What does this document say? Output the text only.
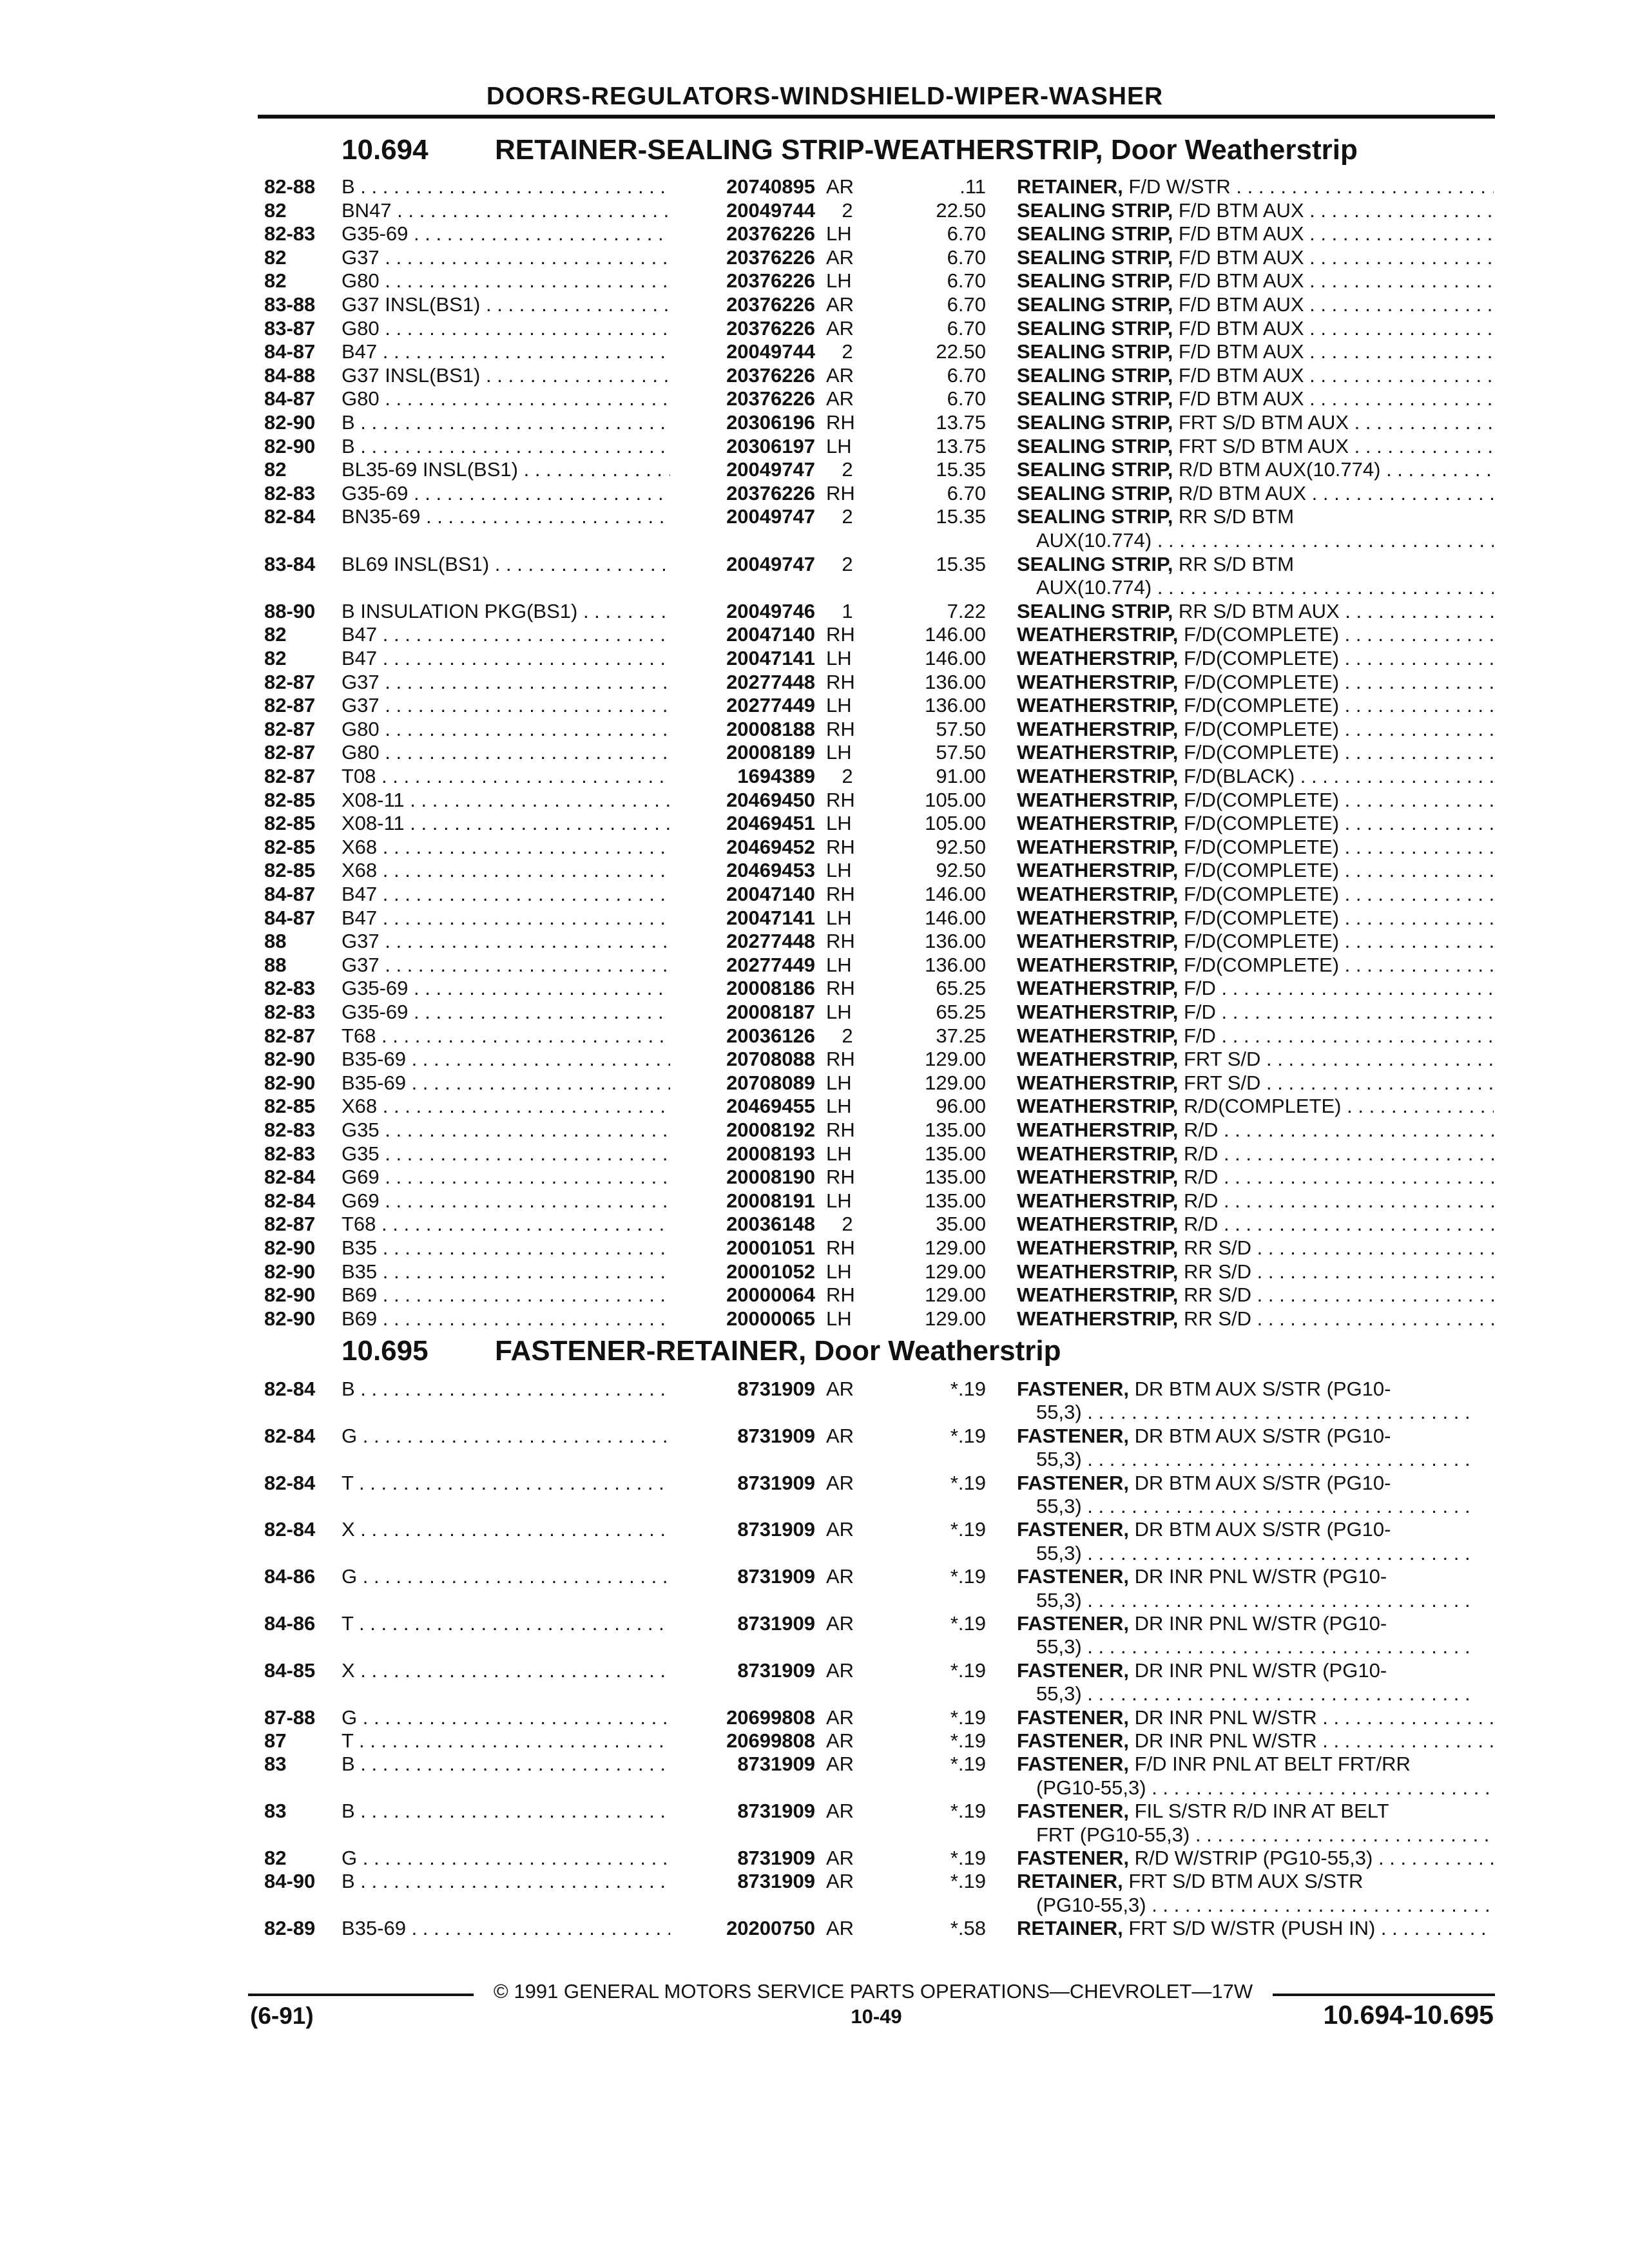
DOORS-REGULATORS-WINDSHIELD-WIPER-WASHER
10.694 RETAINER-SEALING STRIP-WEATHERSTRIP, Door Weatherstrip
82-88	B . . .	20740895 AR	.11 RETAINER, F/D W/STR . . .
82	BN47 . . .	20049744	2	22.50 SEALING STRIP, F/D BTM AUX . . .
82-83	G35-69 . . .	20376226 LH	6.70 SEALING STRIP, F/D BTM AUX . . .
82	G37 . . .	20376226 AR	6.70 SEALING STRIP, F/D BTM AUX . . .
82	G80 . . .	20376226 LH	6.70 SEALING STRIP, F/D BTM AUX . . .
83-88	G37 INSL(BS1) . . .	20376226 AR	6.70 SEALING STRIP, F/D BTM AUX . . .
83-87	G80 . . .	20376226 AR	6.70 SEALING STRIP, F/D BTM AUX . . .
84-87	B47 . . .	20049744	2	22.50 SEALING STRIP, F/D BTM AUX . . .
84-88	G37 INSL(BS1) . . .	20376226 AR	6.70 SEALING STRIP, F/D BTM AUX . . .
84-87	G80 . . .	20376226 AR	6.70 SEALING STRIP, F/D BTM AUX . . .
82-90	B . . .	20306196 RH	13.75 SEALING STRIP, FRT S/D BTM AUX . . .
82-90	B . . .	20306197 LH	13.75 SEALING STRIP, FRT S/D BTM AUX . . .
82	BL35-69 INSL(BS1) . . .	20049747	2	15.35 SEALING STRIP, R/D BTM AUX(10.774) . . .
82-83	G35-69 . . .	20376226 RH	6.70 SEALING STRIP, R/D BTM AUX . . .
82-84	BN35-69 . . .	20049747	2	15.35 SEALING STRIP, RR S/D BTM
AUX(10.774) . . .
83-84	BL69 INSL(BS1) . . .	20049747	2	15.35 SEALING STRIP, RR S/D BTM
AUX(10.774) . . .
88-90	B INSULATION PKG(BS1) . . .	20049746	1	7.22 SEALING STRIP, RR S/D BTM AUX . . .
82	B47 . . .	20047140 RH	146.00 WEATHERSTRIP, F/D(COMPLETE) . . .
82	B47 . . .	20047141 LH	146.00 WEATHERSTRIP, F/D(COMPLETE) . . .
82-87	G37 . . .	20277448 RH	136.00 WEATHERSTRIP, F/D(COMPLETE) . . .
82-87	G37 . . .	20277449 LH	136.00 WEATHERSTRIP, F/D(COMPLETE) . . .
82-87	G80 . . .	20008188 RH	57.50 WEATHERSTRIP, F/D(COMPLETE) . . .
82-87	G80 . . .	20008189 LH	57.50 WEATHERSTRIP, F/D(COMPLETE) . . .
82-87	T08 . . .	1694389	2	91.00 WEATHERSTRIP, F/D(BLACK) . . .
82-85	X08-11 . . .	20469450 RH	105.00 WEATHERSTRIP, F/D(COMPLETE) . . .
82-85	X08-11 . . .	20469451 LH	105.00 WEATHERSTRIP, F/D(COMPLETE) . . .
82-85	X68 . . .	20469452 RH	92.50 WEATHERSTRIP, F/D(COMPLETE) . . .
82-85	X68 . . .	20469453 LH	92.50 WEATHERSTRIP, F/D(COMPLETE) . . .
84-87	B47 . . .	20047140 RH	146.00 WEATHERSTRIP, F/D(COMPLETE) . . .
84-87	B47 . . .	20047141 LH	146.00 WEATHERSTRIP, F/D(COMPLETE) . . .
88	G37 . . .	20277448 RH	136.00 WEATHERSTRIP, F/D(COMPLETE) . . .
88	G37 . . .	20277449 LH	136.00 WEATHERSTRIP, F/D(COMPLETE) . . .
82-83	G35-69 . . .	20008186 RH	65.25 WEATHERSTRIP, F/D . . .
82-83	G35-69 . . .	20008187 LH	65.25 WEATHERSTRIP, F/D . . .
82-87	T68 . . .	20036126	2	37.25 WEATHERSTRIP, F/D . . .
82-90	B35-69 . . .	20708088 RH	129.00 WEATHERSTRIP, FRT S/D . . .
82-90	B35-69 . . .	20708089 LH	129.00 WEATHERSTRIP, FRT S/D . . .
82-85	X68 . . .	20469455 LH	96.00 WEATHERSTRIP, R/D(COMPLETE) . . .
82-83	G35 . . .	20008192 RH	135.00 WEATHERSTRIP, R/D . . .
82-83	G35 . . .	20008193 LH	135.00 WEATHERSTRIP, R/D . . .
82-84	G69 . . .	20008190 RH	135.00 WEATHERSTRIP, R/D . . .
82-84	G69 . . .	20008191 LH	135.00 WEATHERSTRIP, R/D . . .
82-87	T68 . . .	20036148	2	35.00 WEATHERSTRIP, R/D . . .
82-90	B35 . . .	20001051 RH	129.00 WEATHERSTRIP, RR S/D . . .
82-90	B35 . . .	20001052 LH	129.00 WEATHERSTRIP, RR S/D . . .
82-90	B69 . . .	20000064 RH	129.00 WEATHERSTRIP, RR S/D . . .
82-90	B69 . . .	20000065 LH	129.00 WEATHERSTRIP, RR S/D . . .
10.695 FASTENER-RETAINER, Door Weatherstrip
82-84	B . . .	8731909 AR	*.19 FASTENER, DR BTM AUX S/STR (PG10-
55,3) . . .
82-84	G . . .	8731909 AR	*.19 FASTENER, DR BTM AUX S/STR (PG10-
55,3) . . .
82-84	T . . .	8731909 AR	*.19 FASTENER, DR BTM AUX S/STR (PG10-
55,3) . . .
82-84	X . . .	8731909 AR	*.19 FASTENER, DR BTM AUX S/STR (PG10-
55,3) . . .
84-86	G . . .	8731909 AR	*.19 FASTENER, DR INR PNL W/STR (PG10-
55,3) . . .
84-86	T . . .	8731909 AR	*.19 FASTENER, DR INR PNL W/STR (PG10-
55,3) . . .
84-85	X . . .	8731909 AR	*.19 FASTENER, DR INR PNL W/STR (PG10-
55,3) . . .
87-88	G . . .	20699808 AR	*.19 FASTENER, DR INR PNL W/STR . . .
87	T . . .	20699808 AR	*.19 FASTENER, DR INR PNL W/STR . . .
83	B . . .	8731909 AR	*.19 FASTENER, F/D INR PNL AT BELT FRT/RR
(PG10-55,3) . . .
83	B . . .	8731909 AR	*.19 FASTENER, FIL S/STR R/D INR AT BELT
FRT (PG10-55,3) . . .
82	G . . .	8731909 AR	*.19 FASTENER, R/D W/STRIP (PG10-55,3) . . .
84-90	B . . .	8731909 AR	*.19 RETAINER, FRT S/D BTM AUX S/STR
(PG10-55,3) . . .
82-89	B35-69 . . .	20200750 AR	*.58 RETAINER, FRT S/D W/STR (PUSH IN) . . .
© 1991 GENERAL MOTORS SERVICE PARTS OPERATIONS—CHEVROLET—17W
(6-91)	10-49	10.694-10.695
